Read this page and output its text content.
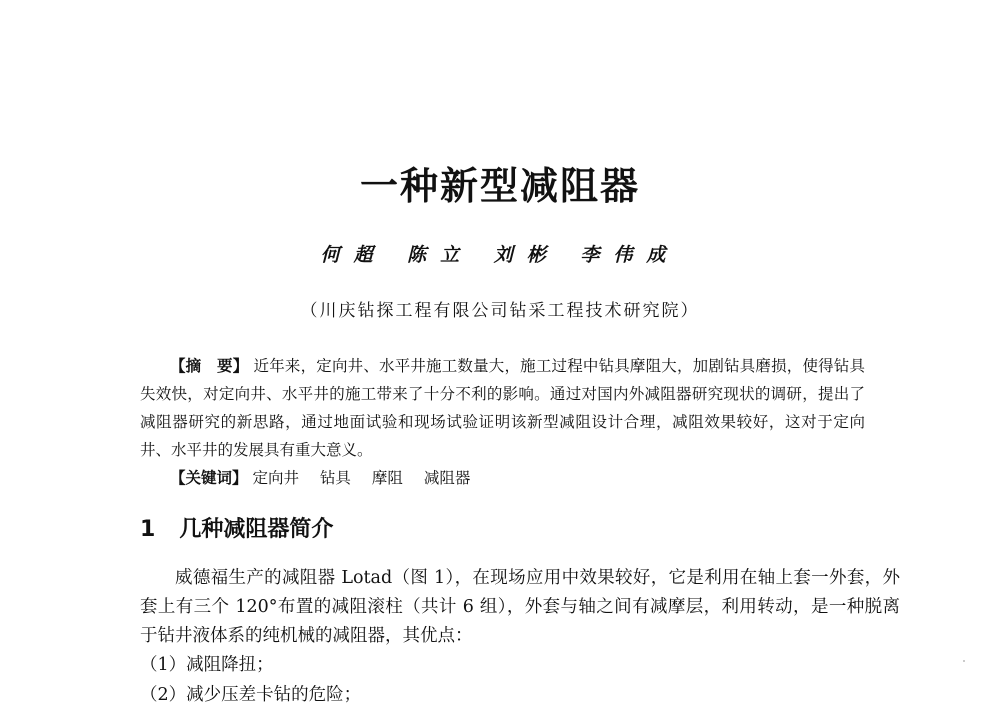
一种新型减阻器
何超 陈立 刘彬 李伟成
（川庆钻探工程有限公司钻采工程技术研究院）
【摘　要】 近年来，定向井、水平井施工数量大，施工过程中钻具摩阻大，加剧钻具磨损，使得钻具失效快，对定向井、水平井的施工带来了十分不利的影响。通过对国内外减阻器研究现状的调研，提出了减阻器研究的新思路，通过地面试验和现场试验证明该新型减阻设计合理，减阻效果较好，这对于定向井、水平井的发展具有重大意义。
【关键词】 定向井 钻具 摩阻 减阻器
1 几种减阻器简介
威德福生产的减阻器 Lotad（图 1），在现场应用中效果较好，它是利用在轴上套一外套，外套上有三个 120°布置的减阻滚柱（共计 6 组），外套与轴之间有减摩层，利用转动，是一种脱离于钻井液体系的纯机械的减阻器，其优点：
（1）减阻降扭；
（2）减少压差卡钻的危险；
